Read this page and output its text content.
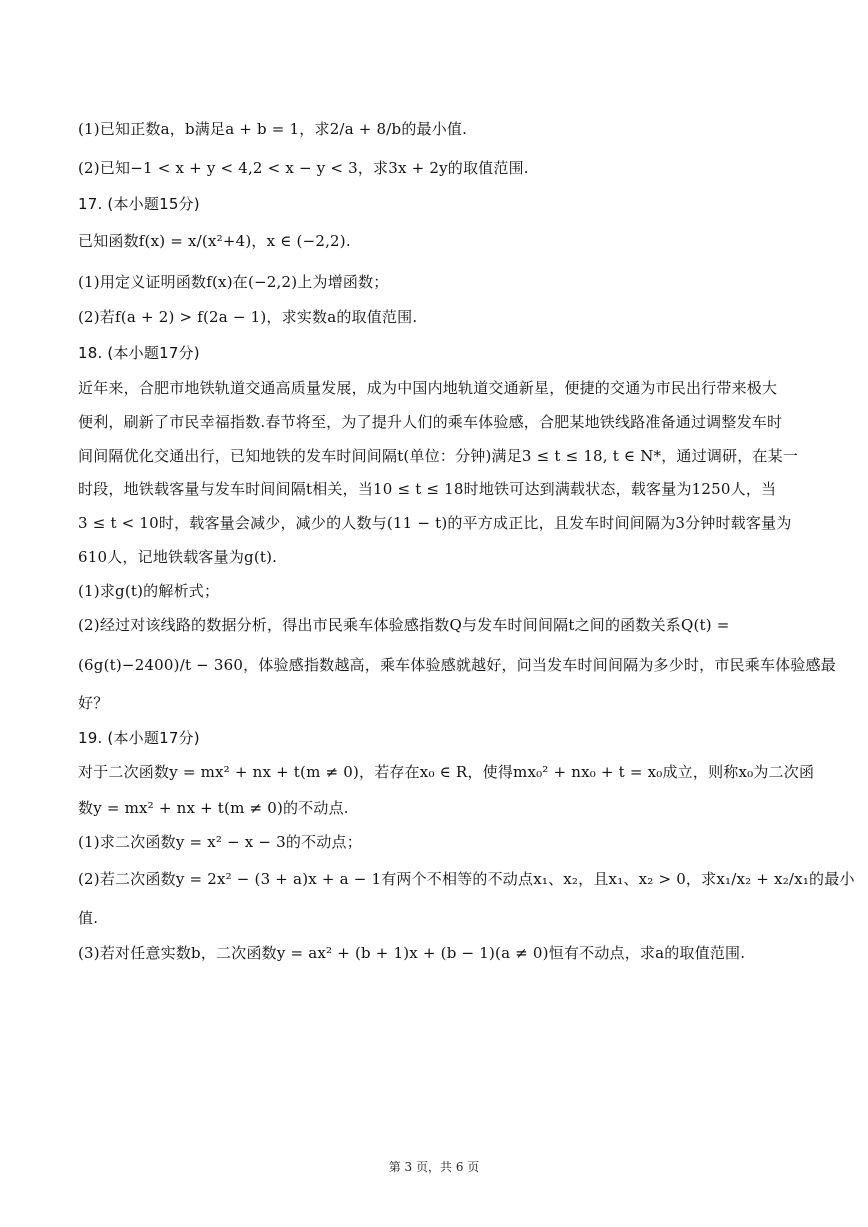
(1)已知正数a，b满足a + b = 1，求2/a + 8/b的最小值.
(2)已知−1 < x + y < 4,2 < x − y < 3，求3x + 2y的取值范围.
17. (本小题15分)
已知函数f(x) = x/(x²+4)，x ∈ (−2,2).
(1)用定义证明函数f(x)在(−2,2)上为增函数；
(2)若f(a + 2) > f(2a − 1)，求实数a的取值范围.
18. (本小题17分)
近年来，合肥市地铁轨道交通高质量发展，成为中国内地轨道交通新星，便捷的交通为市民出行带来极大
便利，刷新了市民幸福指数.春节将至，为了提升人们的乘车体验感，合肥某地铁线路准备通过调整发车时
间间隔优化交通出行，已知地铁的发车时间间隔t(单位：分钟)满足3 ≤ t ≤ 18, t ∈ N*，通过调研，在某一
时段，地铁载客量与发车时间间隔t相关，当10 ≤ t ≤ 18时地铁可达到满载状态，载客量为1250人，当
3 ≤ t < 10时，载客量会减少，减少的人数与(11 − t)的平方成正比，且发车时间间隔为3分钟时载客量为
610人，记地铁载客量为g(t).
(1)求g(t)的解析式；
(2)经过对该线路的数据分析，得出市民乘车体验感指数Q与发车时间间隔t之间的函数关系Q(t) =
(6g(t)−2400)/t − 360，体验感指数越高，乘车体验感就越好，问当发车时间间隔为多少时，市民乘车体验感最
好？
19. (本小题17分)
对于二次函数y = mx² + nx + t(m ≠ 0)，若存在x₀ ∈ R，使得mx₀² + nx₀ + t = x₀成立，则称x₀为二次函
数y = mx² + nx + t(m ≠ 0)的不动点.
(1)求二次函数y = x² − x − 3的不动点；
(2)若二次函数y = 2x² − (3 + a)x + a − 1有两个不相等的不动点x₁、x₂，且x₁、x₂ > 0，求x₁/x₂ + x₂/x₁的最小
值.
(3)若对任意实数b，二次函数y = ax² + (b + 1)x + (b − 1)(a ≠ 0)恒有不动点，求a的取值范围.
第 3 页，共 6 页
